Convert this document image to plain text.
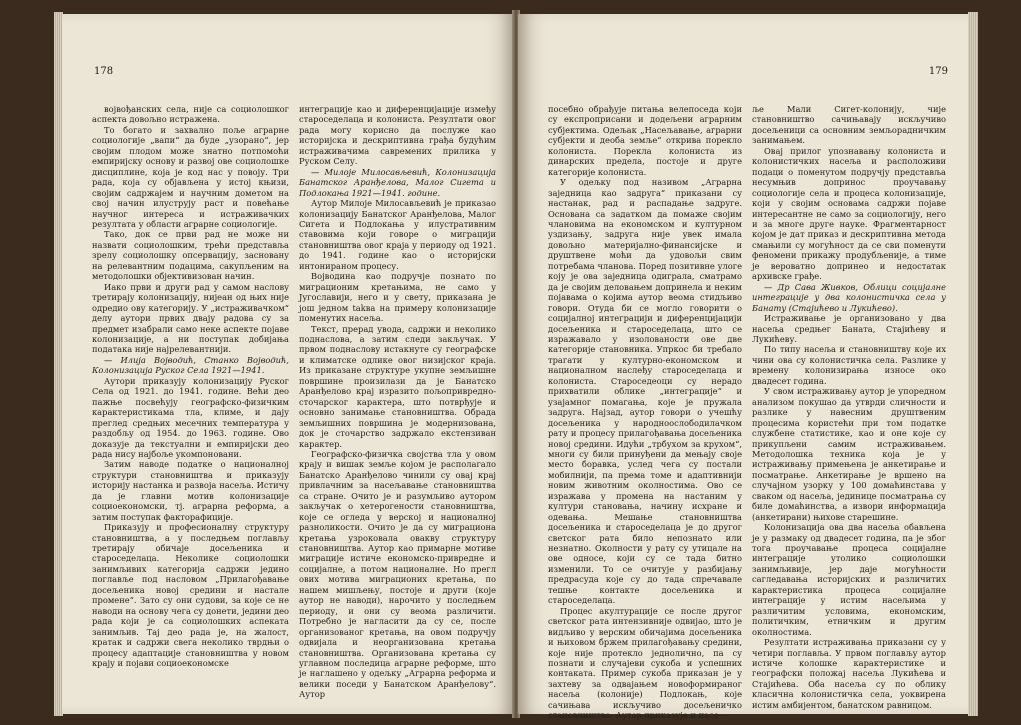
178

војвођанских села, није са социолошког аспекта довољно истражена.

То богато и захвално поље аграрне социологије „вапи“ да буде „узорано“, јер својим плодом може знатно потпомоћи емпиријску основу и развој ове социолошке дисциплине, која је код нас у повоју. Три рада, која су објављена у истој књизи, својим садржајем и научним дометом на свој начин илуструју раст и повећање научног интереса и истраживачких резултата у области аграрне социологије.

Тако, док се први рад не може ни назвати социолошким, трећи представља зрелу социолошку опсервацију, засновану на релевантним подацима, сакупљеним на методолошки објективизован начин.

Иако први и други рад у самом наслову третирају колонизацију, нијеан од њих није одредио ову категорију. У „истраживачком“ делу аутори првих двају радова су за предмет изабрали само неке аспекте појаве колонизације, а ни поступак добијања података није најрелевантнији.

— Илија Војводић, Станко Војводић, Колонизација Руског Села 1921—1941.

Аутори приказују колонизацију Руског Села од 1921. до 1941. године. Већи део пажње посвећују географско-физичким карактеристикама тла, климе, и дају преглед средњих месечних температура у раздобљу од 1954. до 1963. године. Ово доказује да текстуални и емпиријски део рада нису најбоље укомпоновани.

Затим наводе податке о националној структури становништва и приказују историју настанка и развоја насеља. Истичу да је главни мотив колонизације социоекономски, тј. аграрна реформа, а затим поступак факторафиције.

Приказују и професионалну структуру становништва, а у последњем поглављу третирају обичаје досељеника и староседелаца. Неколике социолошки занимљивих категорија садржи једино поглавље под насловом „Прилагођавање досељеника новој средини и настале промене“. Зато су они судови, за које се не наводи на основу чега су донети, једини део рада који је са социолошких аспеката занимљив. Тај део рада је, на жалост, кратак и садржи свега неколико тврдњи о процесу адаптације становништва у новом крају и појави социоекономске

интеграције као и диференцијације између староседелаца и колониста. Резултати овог рада могу корисно да послуже као историјска и дескриптивна грађа будућим истраживачима савремених прилика у Руском Селу.

— Милоје Милосављевић, Колонизација Банатског Аранђелова, Малог Сигета и Подлокања 1921—1941. године.

Аутор Милоје Милосављевић је приказао колонизацију Банатског Аранђелова, Малог Сигета и Подлокања у илустративним ставовима који говоре о миграцији становништва овог краја у периоду од 1921. до 1941. године као о историјски интонираном процесу.

Војводина као подручје познато по миграционим кретањима, не само у Југославији, него и у свету, приказана је још једном takва на примеру колонизације поменутих насеља.

Текст, прерад увода, садржи и неколико поднаслова, а затим следи закључак. У првом поднаслову истакнуте су географске и климатске одлике овог низијског краја. Из приказане структуре укупне земљишне површине произилази да је Банатско Аранђелово крај изразито пољопривредно-сточарског карактера, што потврђује и основно занимање становништва. Обрада земљишних површина је модернизована, док је сточарство задржало екстензиван карактер.

Географско-физичка својства тла у овом крају и вишак земље којом је располагало Банатско Аранђелово чинили су овај крај привлачним за насељавање становништва са стране. Очито је и разумљиво аутором закључак о хетерогености становништва, које се огледа у верској и националној разноликости. Очито је да су миграциона кретања узроковала овакву структуру становништва. Аутор као примарне мотиве миграције истиче економско-привредне и социјалне, а потом националне. Но прегл ових мотива миграционих кретања, по нашем мишљењу, постоје и други (које аутор не наводи), нарочито у последњем периоду, и они су веома различити. Потребно је нагласити да су се, после организованог кретања, на овом подручју одвијала и неорганизована кретања становништва. Организована кретања су углавном последица аграрне реформе, што је наглашено у одељку „Аграрна реформа и велики поседи у Банатском Аранђелову“. Аутор

179

посебно обрађује питања велепоседа који су експроприсани и додељени аграрним субјектима. Одељак „Насељавање, аграрни субјекти и деоба земље“ открива порекло колониста. Порекла колониста из динарских предела, постоје и друге категорије колониста.

У одељку под називом „Аграрна заједница као задруга“ приказани су настанак, рад и распадање задруге. Основана са задатком да помаже својим члановима на економском и културном уздизању, задруга није увек имала довољно материјално-финансијске и друштвене моћи да удовољи свим потребама чланова. Поред позитивне улоге коју је ова заједница одиграла, сматрамо да је својим деловањем допринела и неким појавама о којима аутор веома стидљиво говори. Отуда би се могло говорити о социјалној интеграцији и диференцијацији досељеника и староседелаца, што се изражавало у изолованости ове две категорије становника. Упркос би требало трагати у културно-економском и националном наслеђу староседелаца и колониста. Староседеоци су нерадо прихватили облике „интеграције“ и узајамног помагања, које је пружала задруга. Најзад, аутор говори о учешћу досељеника у народноослободилачком рату и процесу прилагођавања досељеника новој средини. Идући „трбухом за крухом“, многи су били принуђени да мењају своје место боравка, услед чега су постали мобилнији, па према томе и адаптивнији новим животним околностима. Ово се изражава у промена на настаним у култури становања, начину исхране и одевања. Мешање становништва досељеника и староседелаца је до другог светског рата било непознато или незнатно. Околности у рату су утицале на ове односе, који су се тада битно изменили. То се очитује у разбијању предрасуда које су до тада спречавале тешње контакте досељеника и староседелаца.

Процес акултурације се после другог светског рата интензивније одвијао, што је видљиво у верским обичајима досељеника и њиховом бржем прилагођавању средини, које није протекло једнолично, па су познати и случајеви сукоба и успешних контаката. Пример сукоба приказан је у захтеву за одвајањем новоформираног насеља (колоније) Подлокањ, које сачињава искључиво досељеничко становништво. Аутор приказује и насе-

ље Мали Сигет-колонију, чије становништво сачињавају искључиво досељеници са основним земљорадничким занимањем.

Овај прилог упознавању колониста и колонистичких насеља и расположиви подаци о поменутом подручју представља несумњив допринос проучавању социологије села и процеса колонизације, који у својим основама садржи појаве интересантне не само за социологију, него и за многе друге науке. Фрагментарност којом је дат приказ и дескриптивна метода смањили су могућност да се сви поменути феномени прикажу продубљеније, а тиме је вероватно допринео и недостатак архивске грађе.

— Др Сава Живков, Облици социјалне интеграције у два колонистичка села у Банату (Стајићево и Лукићево).

Истраживање је организовано у два насеља средњег Баната, Стајићеву и Лукићеву.

По типу насеља и становништву које их чини ова су колонистичка села. Разлике у времену колонизирања износе око двадесет година.

У свом истраживању аутор је упоредном анализом покушао да утврди сличности и разлике у навесним друштвеним процесима користећи при том податке службене статистике, као и оне које су прикупљени самим истраживањем. Методолошка техника која је у истраживању примењена је анкетирање и посматрање. Анкетирање је вршено на случајном узорку у 100 домаћинстава у сваком од насеља, јединице посматрања су биле домаћинства, а извори информација (анкетирани) њихове старешине.

Колонизација ова два насеља обављена је у размаку од двадесет година, па је због тога проучавање процеса социјалне интеграције утолико социолошки занимљивије, јер даје могућности сагледавања историјских и различитих карактеристика процеса социјалне интеграције у истим насељима у различитим условима, економским, политичким, етничким и другим околностима.

Резултати истраживања приказани су у четири поглавља. У првом поглављу аутор истиче колошке карактеристике и географски положај насеља Лукићева и Стајићева. Оба насеља су по облику класична колонистичка села, уоквирена истим амбијентом, банатском равницом.
